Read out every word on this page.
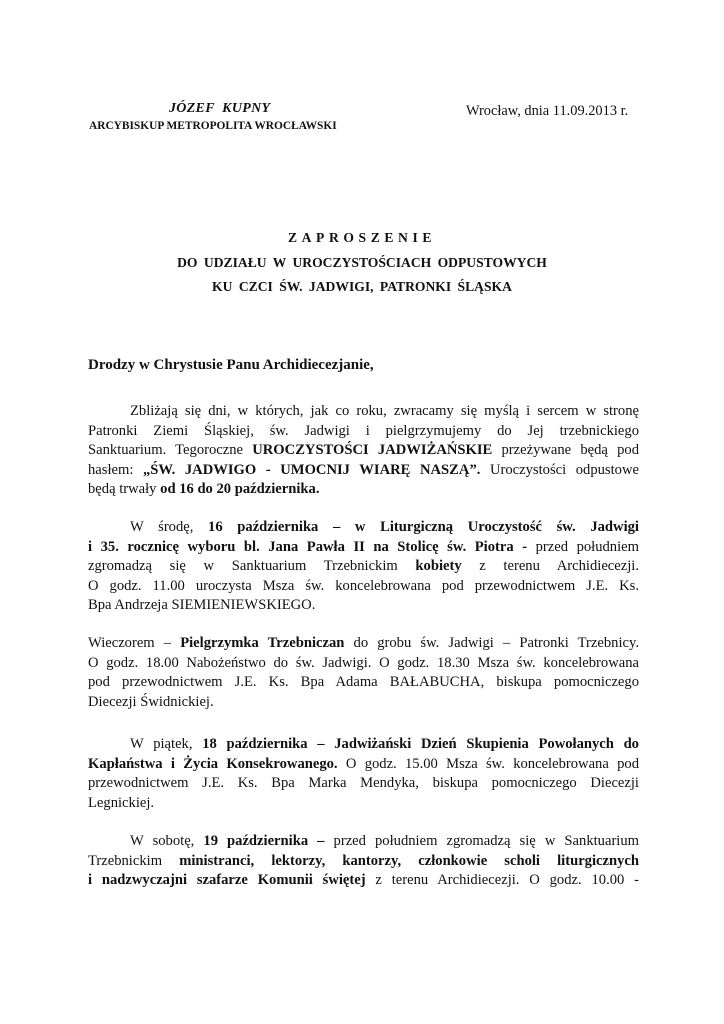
JÓZEF  KUPNY
ARCYBISKUP METROPOLITA WROCŁAWSKI
Wrocław, dnia 11.09.2013 r.
ZAPROSZENIE
DO UDZIAŁU W UROCZYSTOŚCIACH ODPUSTOWYCH
KU CZCI ŚW. JADWIGI, PATRONKI ŚLĄSKA
Drodzy w Chrystusie Panu Archidiecezjanie,
Zbliżają się dni, w których, jak co roku, zwracamy się myślą i sercem w stronę
Patronki Ziemi Śląskiej, św. Jadwigi i pielgrzymujemy do Jej trzebnickiego
Sanktuarium. Tegoroczne UROCZYSTOŚCI JADWIŻAŃSKIE przeżywane będą pod
hasłem: „ŚW. JADWIGO - UMOCNIJ WIARĘ NASZĄ”. Uroczystości odpustowe
będą trwały od 16 do 20 października.
W środę, 16 października – w Liturgiczną Uroczystość św. Jadwigi
i 35. rocznicę wyboru bl. Jana Pawła II na Stolicę św. Piotra - przed południem
zgromadzą się w Sanktuarium Trzebnickim kobiety z terenu Archidiecezji.
O godz. 11.00 uroczysta Msza św. koncelebrowana pod przewodnictwem J.E. Ks.
Bpa Andrzeja SIEMIENIEWSKIEGO.
Wieczorem – Pielgrzymka Trzebniczan do grobu św. Jadwigi – Patronki Trzebnicy.
O godz. 18.00 Nabożeństwo do św. Jadwigi. O godz. 18.30 Msza św. koncelebrowana
pod przewodnictwem J.E. Ks. Bpa Adama BAŁABUCHA, biskupa pomocniczego
Diecezji Świdnickiej.
W piątek, 18 października – Jadwiżański Dzień Skupienia Powołanych do
Kapłaństwa i Życia Konsekrowanego. O godz. 15.00 Msza św. koncelebrowana pod
przewodnictwem J.E. Ks. Bpa Marka Mendyka, biskupa pomocniczego Diecezji
Legnickiej.
W sobotę, 19 października – przed południem zgromadzą się w Sanktuarium
Trzebnickim ministranci, lektorzy, kantorzy, członkowie scholi liturgicznych
i nadzwyczajni szafarze Komunii świętej z terenu Archidiecezji. O godz. 10.00 -
